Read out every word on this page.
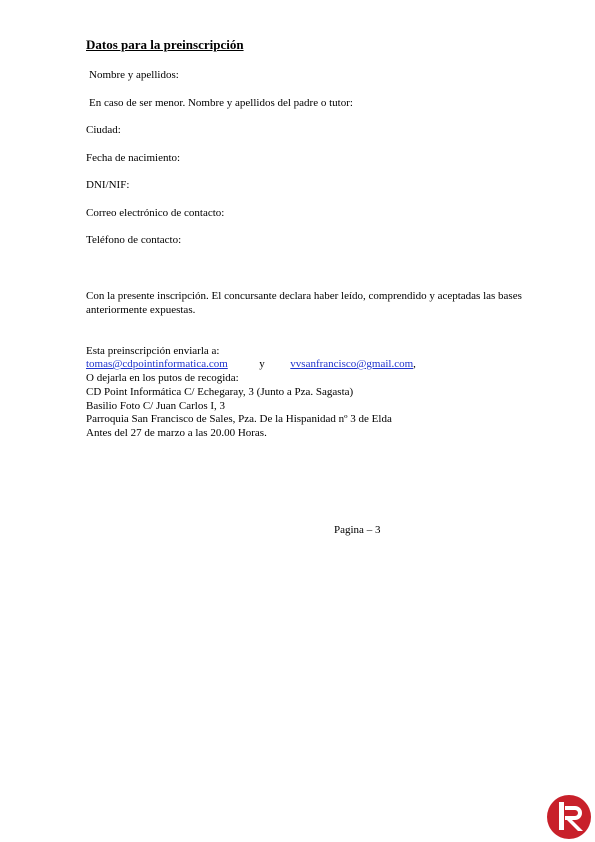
Datos para la preinscripción
Nombre y apellidos:
En caso de ser menor. Nombre y apellidos del padre o tutor:
Ciudad:
Fecha de nacimiento:
DNI/NIF:
Correo electrónico de contacto:
Teléfono de contacto:
Con la presente inscripción. El concursante declara haber leído, comprendido y aceptadas las bases anteriormente expuestas.
Esta preinscripción enviarla a:
tomas@cdpointinformatica.com	y vvsanfrancisco@gmail.com,
O dejarla en los putos de recogida:
CD Point Informática C/ Echegaray, 3 (Junto a Pza. Sagasta)
Basilio Foto C/ Juan Carlos I, 3
Parroquia San Francisco de Sales, Pza. De la Hispanidad nº 3 de Elda
Antes del 27 de marzo a las 20.00 Horas.
Pagina – 3
